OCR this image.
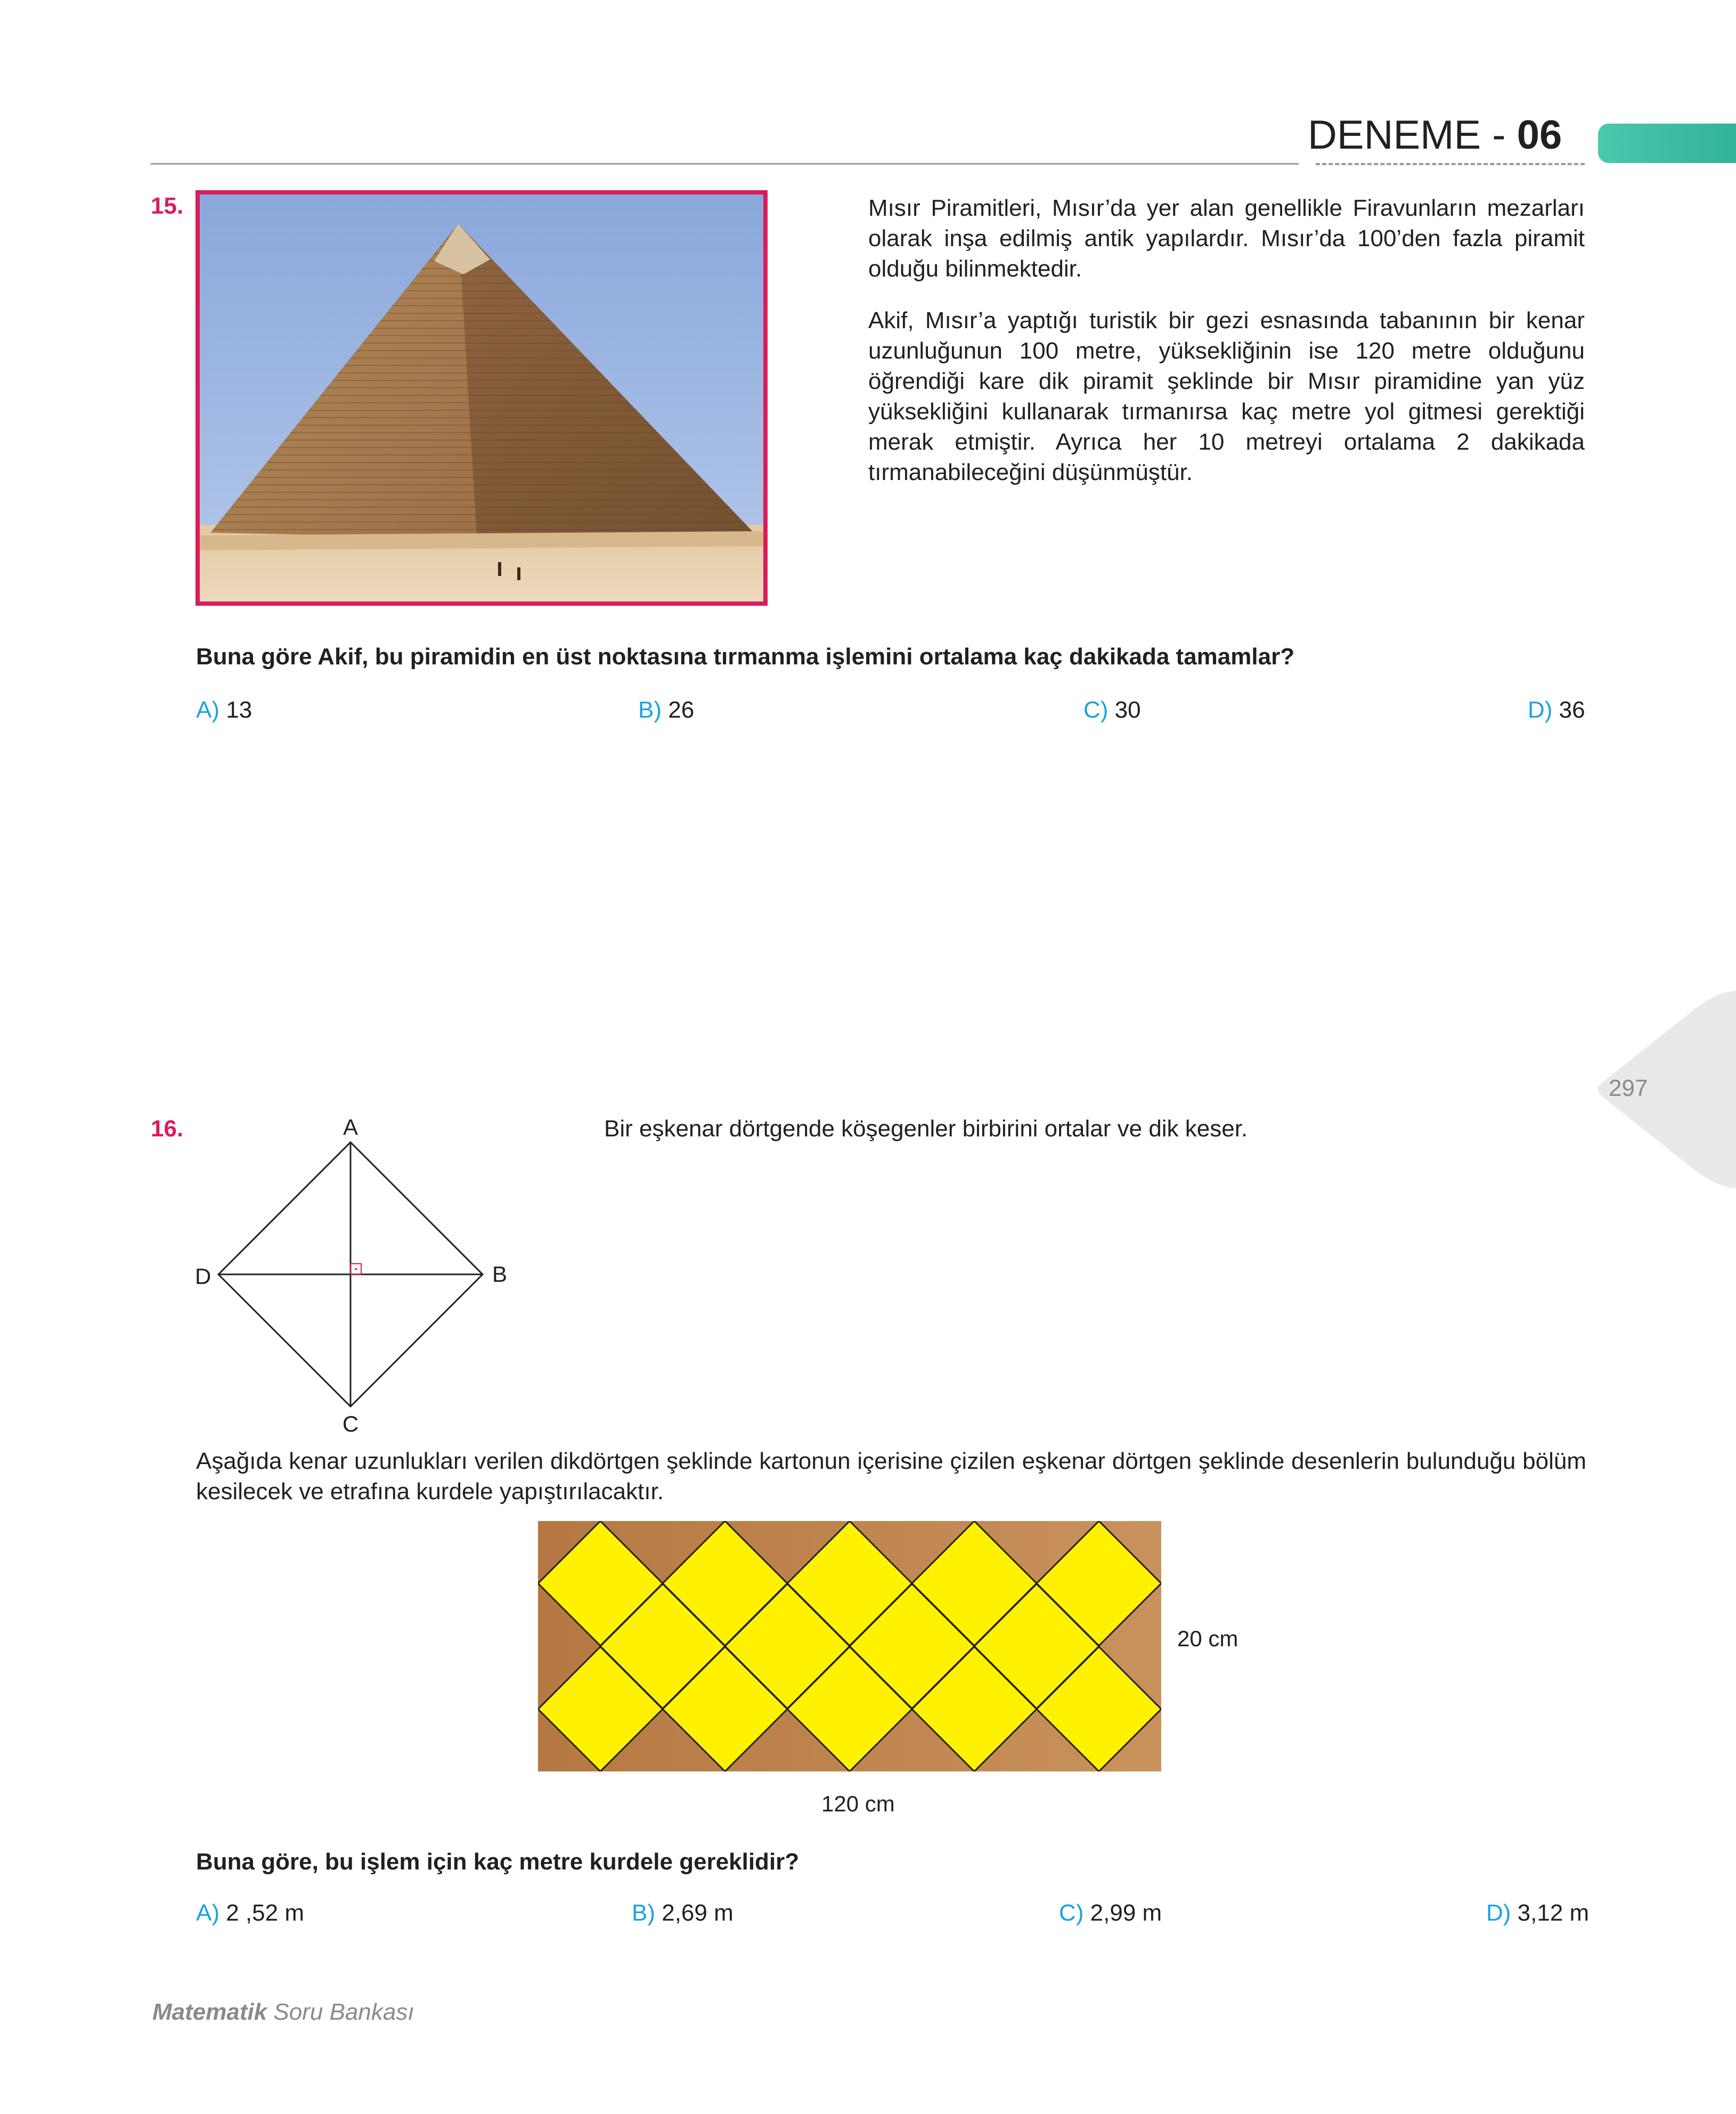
DENEME - 06
15.	Mısır Piramitleri, Mısır’da yer alan genellikle Firavunların mezarları olarak inşa edilmiş antik yapılardır. Mısır’da 100’den fazla piramit olduğu bilinmektedir.

Akif, Mısır’a yaptığı turistik bir gezi esnasında tabanının bir kenar uzunluğunun 100 metre, yüksekliğinin ise 120 metre olduğunu öğrendiği kare dik piramit şeklinde bir Mısır piramidine yan yüz yüksekliğini kullanarak tırmanırsa kaç metre yol gitmesi gerektiği merak etmiştir. Ayrıca her 10 metreyi ortalama 2 dakikada tırmanabileceğini düşünmüştür.

Buna göre Akif, bu piramidin en üst noktasına tırmanma işlemini ortalama kaç dakikada tamamlar?
A) 13	B) 26	C) 30	D) 36
297
16.	A
B
C
D
Bir eşkenar dörtgende köşegenler birbirini ortalar ve dik keser.
Aşağıda kenar uzunlukları verilen dikdörtgen şeklinde kartonun içerisine çizilen eşkenar dörtgen şeklinde desenlerin bulunduğu bölüm kesilecek ve etrafına kurdele yapıştırılacaktır.
20 cm
120 cm
Buna göre, bu işlem için kaç metre kurdele gereklidir?
A) 2 ,52 m	B) 2,69 m	C) 2,99 m	D) 3,12 m
Matematik Soru Bankası
